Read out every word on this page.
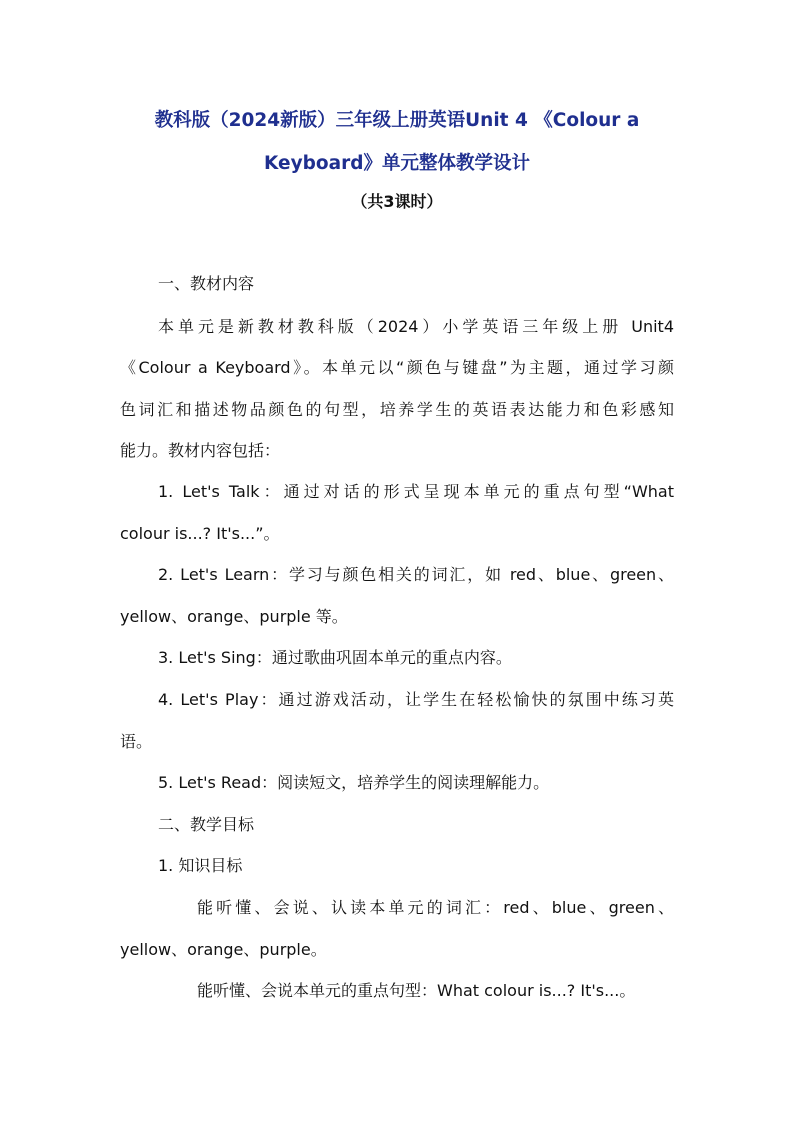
教科版（2024新版）三年级上册英语Unit 4 《Colour a
Keyboard》单元整体教学设计
（共3课时）
一、教材内容
本单元是新教材教科版（2024）小学英语三年级上册 Unit4
《Colour a Keyboard》。本单元以“颜色与键盘”为主题，通过学习颜
色词汇和描述物品颜色的句型，培养学生的英语表达能力和色彩感知
能力。教材内容包括：
1. Let's Talk：通过对话的形式呈现本单元的重点句型“What
colour is...? It's...”。
2. Let's Learn：学习与颜色相关的词汇，如 red、blue、green、
yellow、orange、purple 等。
3. Let's Sing：通过歌曲巩固本单元的重点内容。
4. Let's Play：通过游戏活动，让学生在轻松愉快的氛围中练习英
语。
5. Let's Read：阅读短文，培养学生的阅读理解能力。
二、教学目标
1. 知识目标
能听懂、会说、认读本单元的词汇：red、blue、green、
yellow、orange、purple。
能听懂、会说本单元的重点句型：What colour is...? It's...。
